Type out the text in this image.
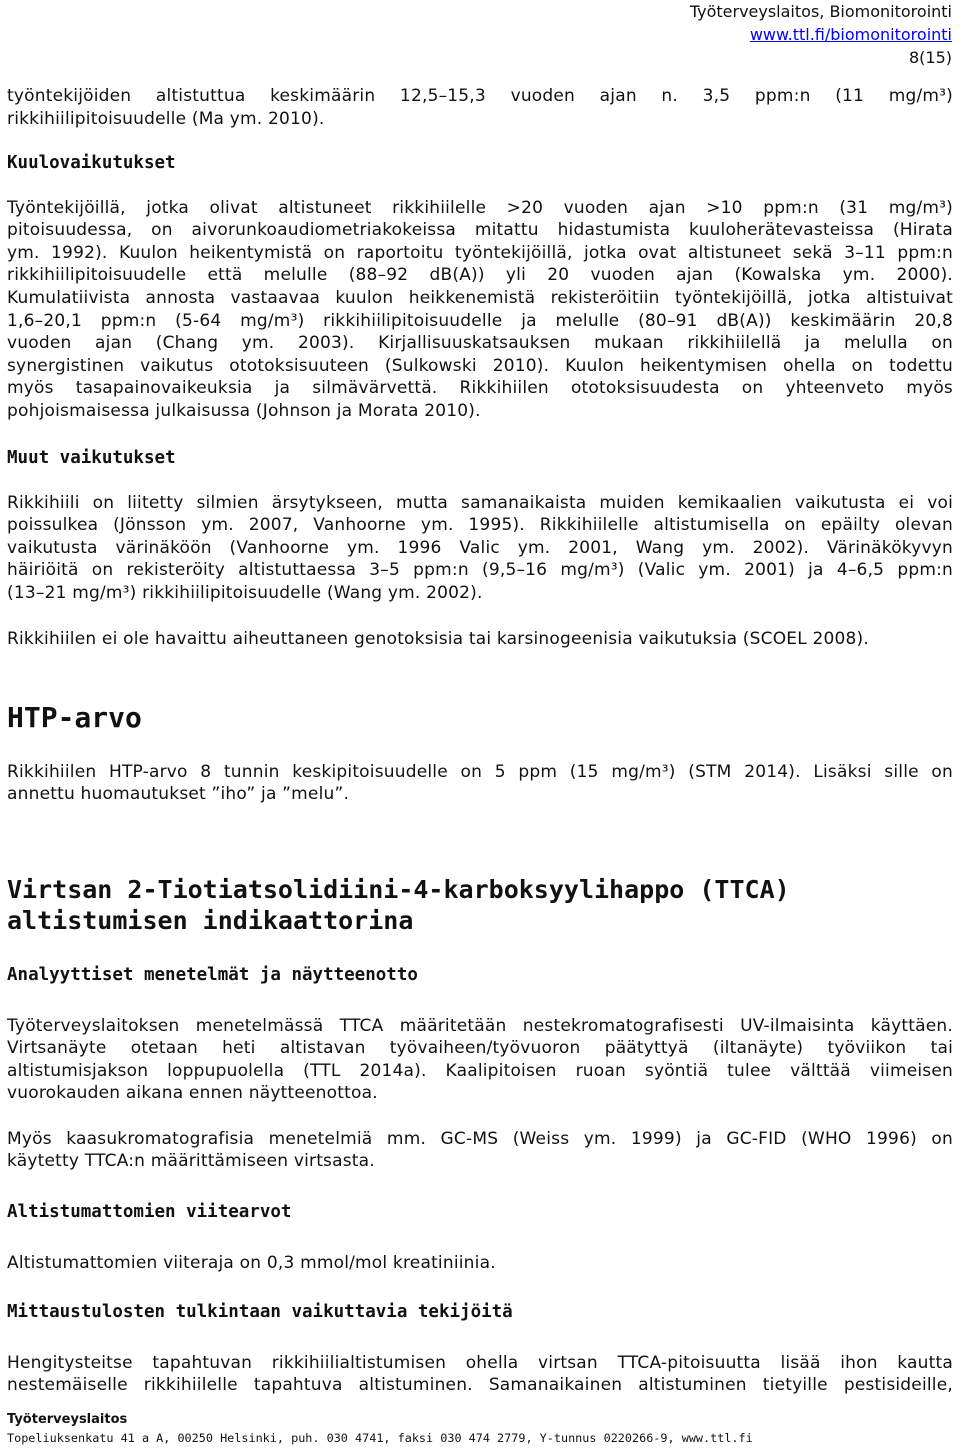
Työterveyslaitos, Biomonitorointi
www.ttl.fi/biomonitorointi
8(15)
työntekijöiden altistuttua keskimäärin 12,5–15,3 vuoden ajan n. 3,5 ppm:n (11 mg/m³)
rikkihiilipitoisuudelle (Ma ym. 2010).
Kuulovaikutukset
Työntekijöillä, jotka olivat altistuneet rikkihiilelle >20 vuoden ajan >10 ppm:n (31 mg/m³)
pitoisuudessa, on aivorunkoaudiometriakokeissa mitattu hidastumista kuuloherätevasteissa (Hirata
ym. 1992). Kuulon heikentymistä on raportoitu työntekijöillä, jotka ovat altistuneet sekä 3–11 ppm:n
rikkihiilipitoisuudelle että melulle (88–92 dB(A)) yli 20 vuoden ajan (Kowalska ym. 2000).
Kumulatiivista annosta vastaavaa kuulon heikkenemistä rekisteröitiin työntekijöillä, jotka altistuivat
1,6–20,1 ppm:n (5-64 mg/m³) rikkihiilipitoisuudelle ja melulle (80–91 dB(A)) keskimäärin 20,8
vuoden ajan (Chang ym. 2003). Kirjallisuuskatsauksen mukaan rikkihiilellä ja melulla on
synergistinen vaikutus ototoksisuuteen (Sulkowski 2010). Kuulon heikentymisen ohella on todettu
myös tasapainovaikeuksia ja silmävärvettä. Rikkihiilen ototoksisuudesta on yhteenveto myös
pohjoismaisessa julkaisussa (Johnson ja Morata 2010).
Muut vaikutukset
Rikkihiili on liitetty silmien ärsytykseen, mutta samanaikaista muiden kemikaalien vaikutusta ei voi
poissulkea (Jönsson ym. 2007, Vanhoorne ym. 1995). Rikkihiilelle altistumisella on epäilty olevan
vaikutusta värinäköön (Vanhoorne ym. 1996 Valic ym. 2001, Wang ym. 2002). Värinäkökyvyn
häiriöitä on rekisteröity altistuttaessa 3–5 ppm:n (9,5–16 mg/m³) (Valic ym. 2001) ja 4–6,5 ppm:n
(13–21 mg/m³) rikkihiilipitoisuudelle (Wang ym. 2002).
Rikkihiilen ei ole havaittu aiheuttaneen genotoksisia tai karsinogeenisia vaikutuksia (SCOEL 2008).
HTP-arvo
Rikkihiilen HTP-arvo 8 tunnin keskipitoisuudelle on 5 ppm (15 mg/m³) (STM 2014). Lisäksi sille on
annettu huomautukset ”iho” ja ”melu”.
Virtsan 2-Tiotiatsolidiini-4-karboksyylihappo (TTCA)
altistumisen indikaattorina
Analyyttiset menetelmät ja näytteenotto
Työterveyslaitoksen menetelmässä TTCA määritetään nestekromatografisesti UV-ilmaisinta käyttäen.
Virtsanäyte otetaan heti altistavan työvaiheen/työvuoron päätyttyä (iltanäyte) työviikon tai
altistumisjakson loppupuolella (TTL 2014a). Kaalipitoisen ruoan syöntiä tulee välttää viimeisen
vuorokauden aikana ennen näytteenottoa.
Myös kaasukromatografisia menetelmiä mm. GC-MS (Weiss ym. 1999) ja GC-FID (WHO 1996) on
käytetty TTCA:n määrittämiseen virtsasta.
Altistumattomien viitearvot
Altistumattomien viiteraja on 0,3 mmol/mol kreatiniinia.
Mittaustulosten tulkintaan vaikuttavia tekijöitä
Hengitysteitse tapahtuvan rikkihiilialtistumisen ohella virtsan TTCA-pitoisuutta lisää ihon kautta
nestemäiselle rikkihiilelle tapahtuva altistuminen. Samanaikainen altistuminen tietyille pestisideille,
Työterveyslaitos
Topeliuksenkatu 41 a A, 00250 Helsinki, puh. 030 4741, faksi 030 474 2779, Y-tunnus 0220266-9, www.ttl.fi
